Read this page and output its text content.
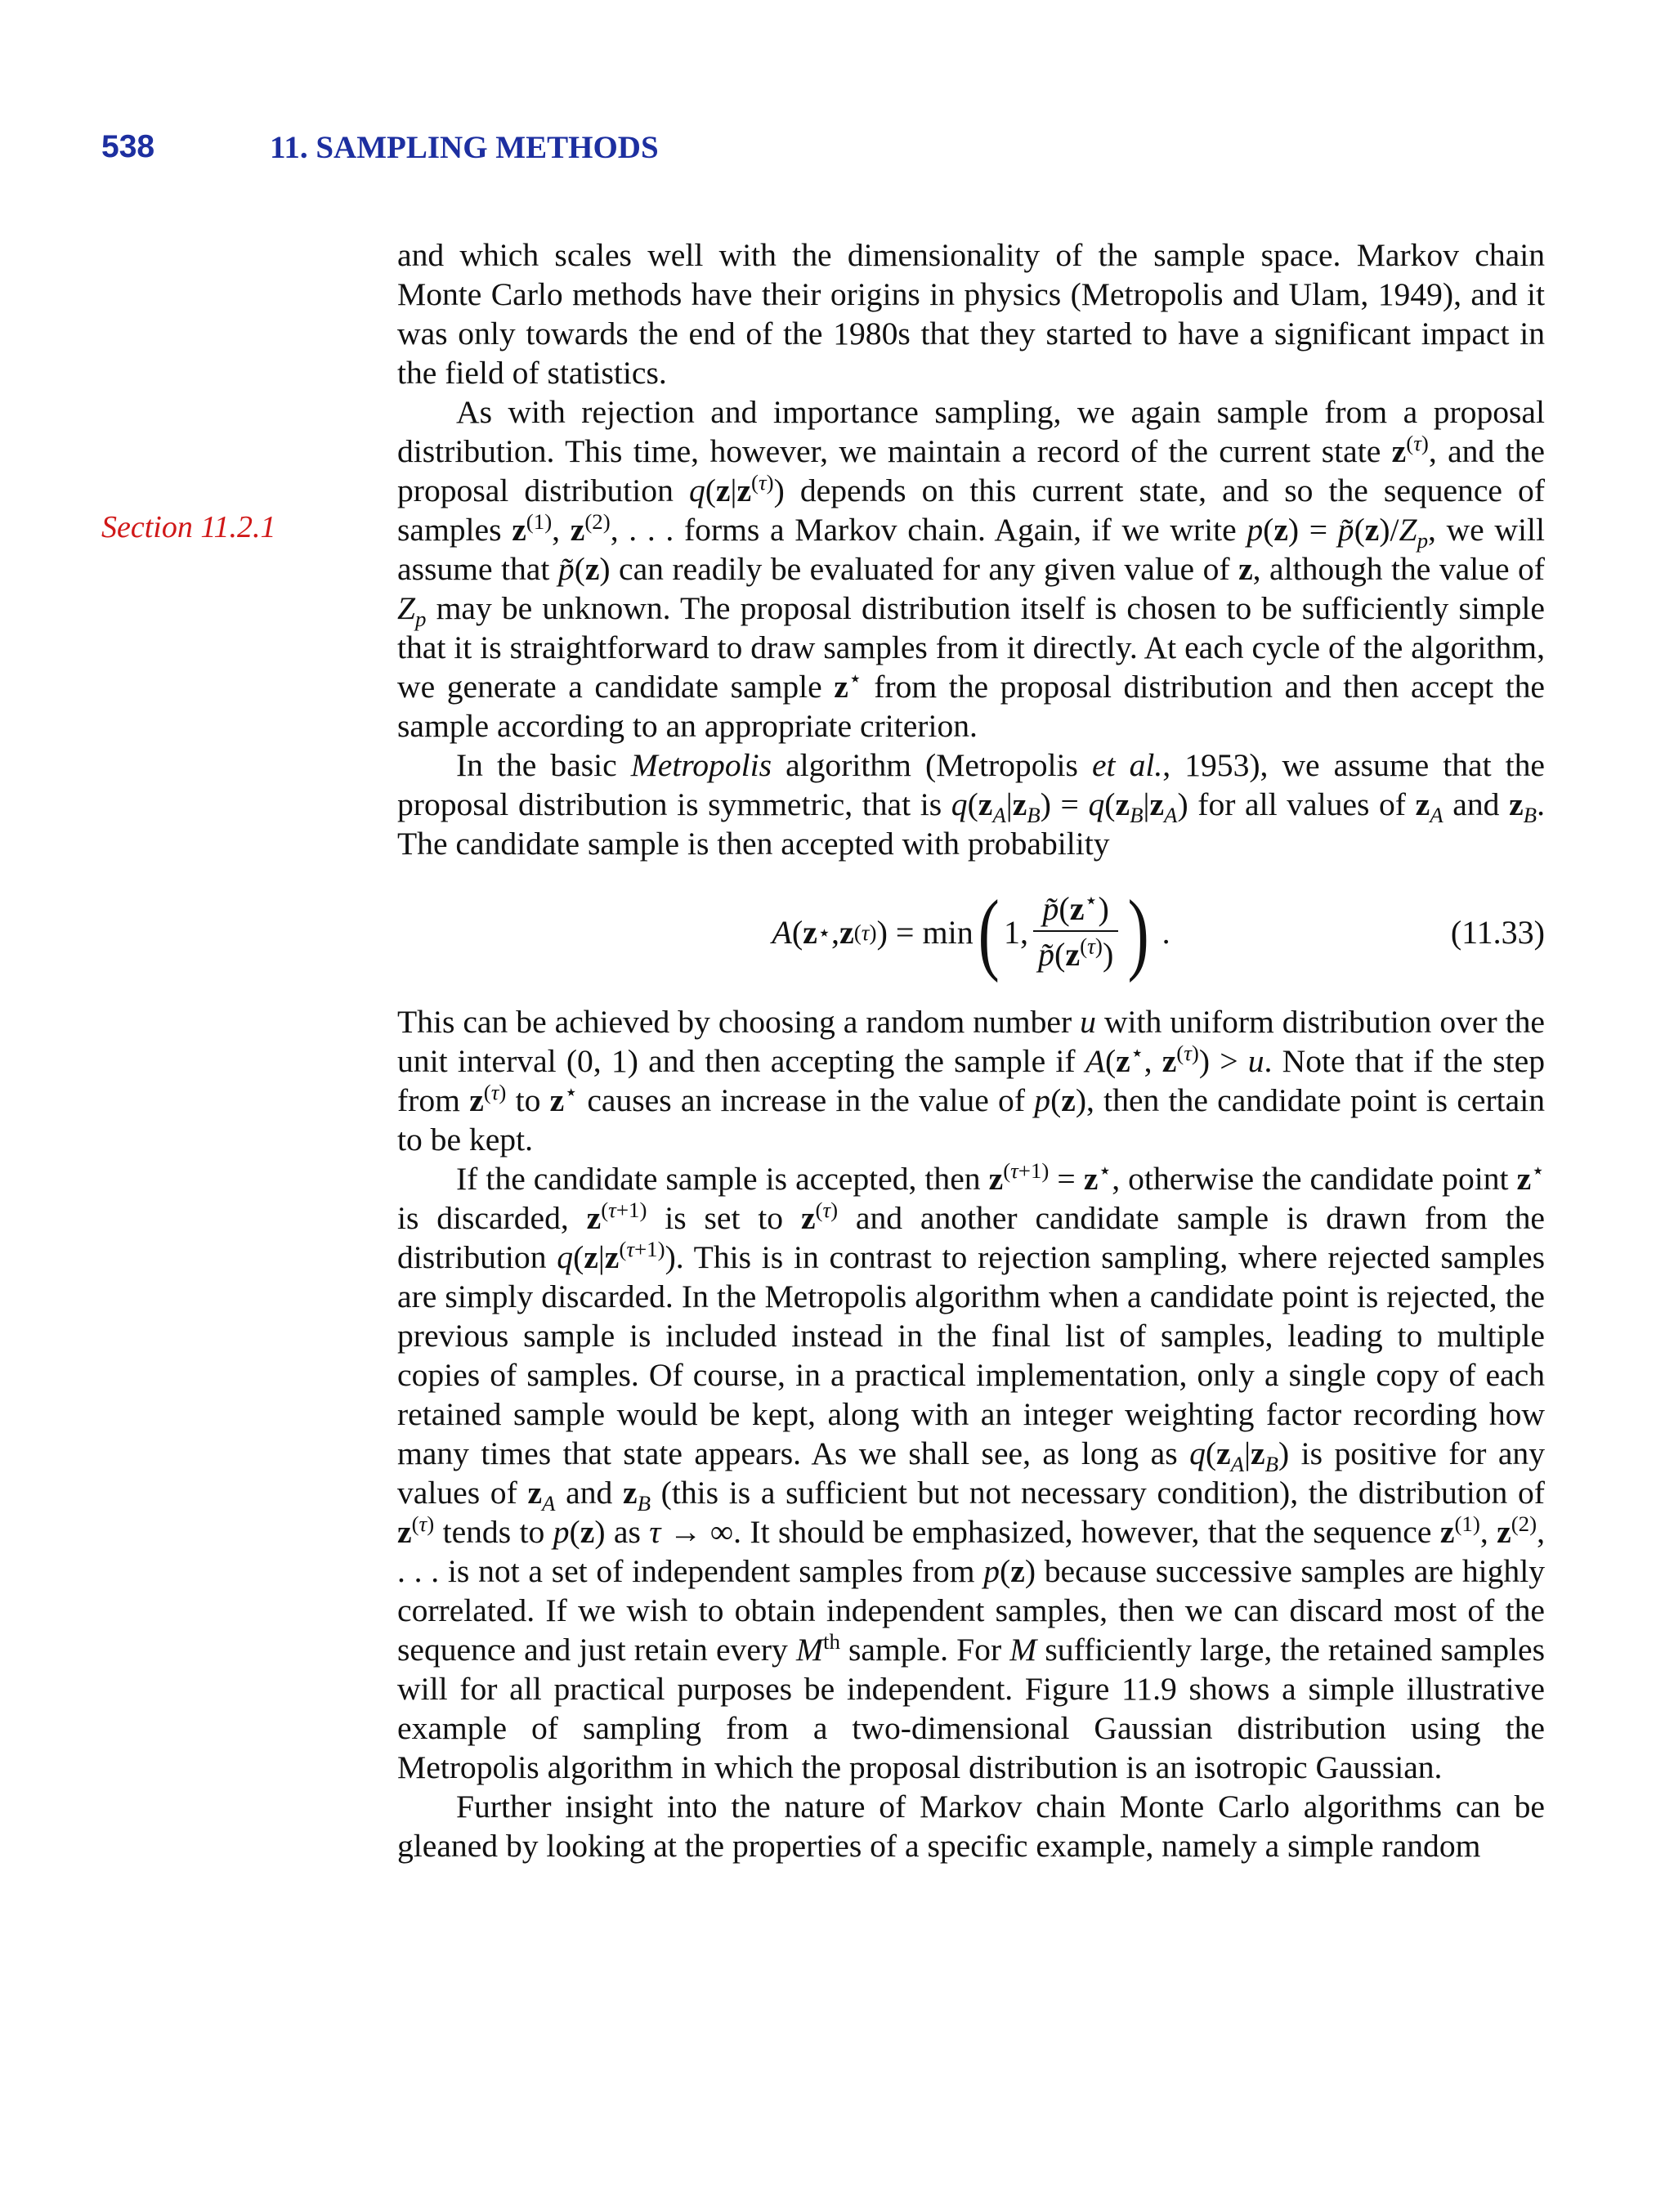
538	11. SAMPLING METHODS
Section 11.2.1

and which scales well with the dimensionality of the sample space. Markov chain Monte Carlo methods have their origins in physics (Metropolis and Ulam, 1949), and it was only towards the end of the 1980s that they started to have a significant impact in the field of statistics.

As with rejection and importance sampling, we again sample from a proposal distribution. This time, however, we maintain a record of the current state $z^{(\tau)}$, and the proposal distribution $q(z|z^{(\tau)})$ depends on this current state, and so the sequence of samples $z^{(1)}$, $z^{(2)}$, . . . forms a Markov chain. Again, if we write $p(z) = p̃(z)/Z_p$, we will assume that p̃(z) can readily be evaluated for any given value of z, although the value of $Z_p$ may be unknown. The proposal distribution itself is chosen to be sufficiently simple that it is straightforward to draw samples from it directly. At each cycle of the algorithm, we generate a candidate sample z⋆ from the proposal distribution and then accept the sample according to an appropriate criterion.

In the basic Metropolis algorithm (Metropolis et al., 1953), we assume that the proposal distribution is symmetric, that is $q(z_A|z_B) = q(z_B|z_A)$ for all values of $z_A$ and $z_B$. The candidate sample is then accepted with probability

A ( z ⋆ , z (τ) ) = min ( 1, $\frac{p̃(z^⋆)}{p̃(z^{(\tau)})}$ ) .	(11.33)

This can be achieved by choosing a random number u with uniform distribution over the unit interval (0, 1) and then accepting the sample if A(z⋆, $z^{(\tau)}) > u$. Note that if the step from $z^{(\tau)}$ to z⋆ causes an increase in the value of p(z), then the candidate point is certain to be kept.

If the candidate sample is accepted, then $z^{(\tau+1)} = z^⋆$, otherwise the candidate point z⋆ is discarded, $z^{(\tau+1)}$ is set to $z^{(\tau)}$ and another candidate sample is drawn from the distribution $q(z|z^{(\tau+1)})$. This is in contrast to rejection sampling, where rejected samples are simply discarded. In the Metropolis algorithm when a candidate point is rejected, the previous sample is included instead in the final list of samples, leading to multiple copies of samples. Of course, in a practical implementation, only a single copy of each retained sample would be kept, along with an integer weighting factor recording how many times that state appears. As we shall see, as long as $q(z_A|z_B)$ is positive for any values of $z_A$ and $z_B$ (this is a sufficient but not necessary condition), the distribution of $z^{(\tau)}$ tends to p(z) as τ → ∞. It should be emphasized, however, that the sequence $z^{(1)}$, $z^{(2)}$, . . . is not a set of independent samples from p(z) because successive samples are highly correlated. If we wish to obtain independent samples, then we can discard most of the sequence and just retain every Mth sample. For M sufficiently large, the retained samples will for all practical purposes be independent. Figure 11.9 shows a simple illustrative example of sampling from a two-dimensional Gaussian distribution using the Metropolis algorithm in which the proposal distribution is an isotropic Gaussian.

Further insight into the nature of Markov chain Monte Carlo algorithms can be gleaned by looking at the properties of a specific example, namely a simple random
